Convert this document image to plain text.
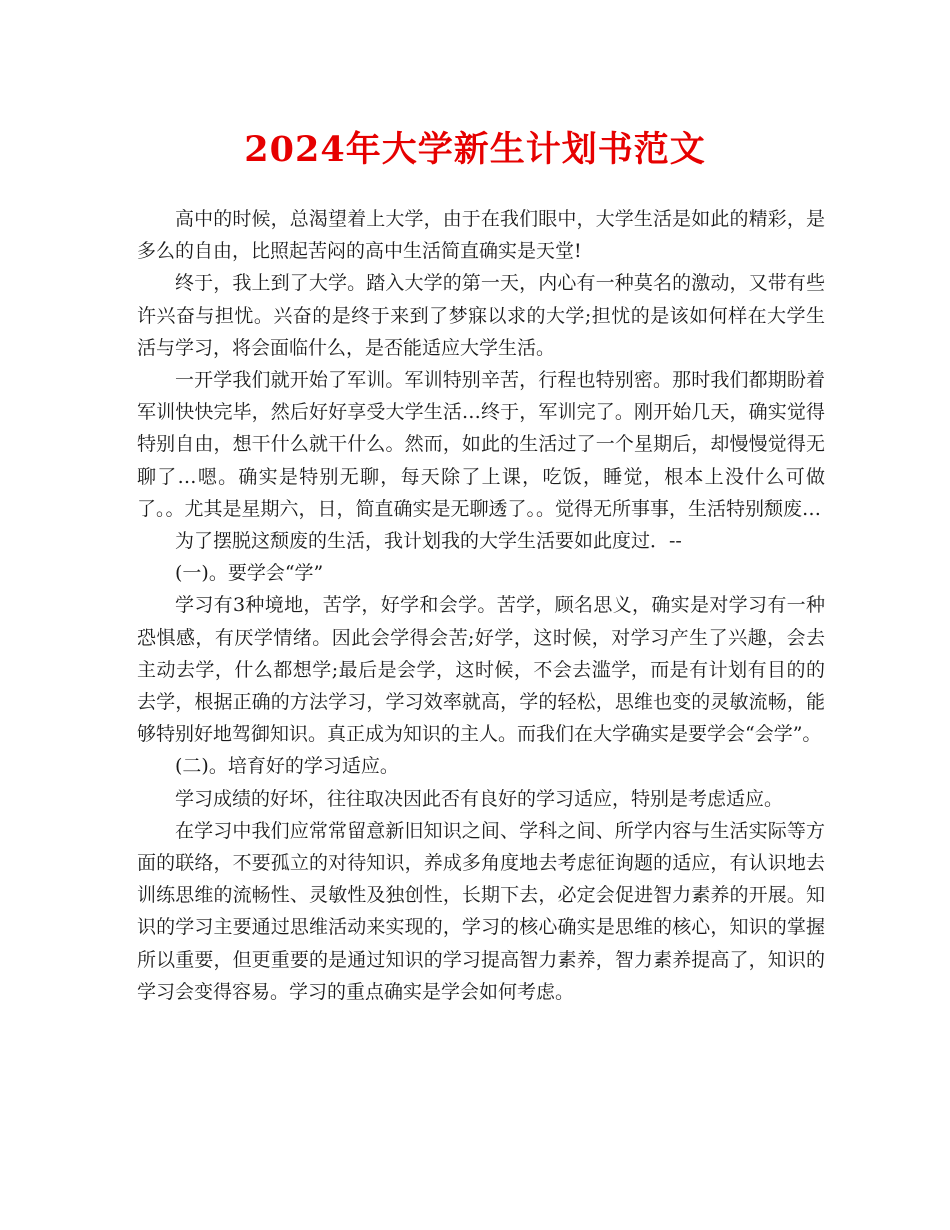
2024年大学新生计划书范文

高中的时候，总渴望着上大学，由于在我们眼中，大学生活是如此的精彩，是多么的自由，比照起苦闷的高中生活简直确实是天堂!

终于，我上到了大学。踏入大学的第一天，内心有一种莫名的激动，又带有些许兴奋与担忧。兴奋的是终于来到了梦寐以求的大学;担忧的是该如何样在大学生活与学习，将会面临什么，是否能适应大学生活。

一开学我们就开始了军训。军训特别辛苦，行程也特别密。那时我们都期盼着军训快快完毕，然后好好享受大学生活…终于，军训完了。刚开始几天，确实觉得特别自由，想干什么就干什么。然而，如此的生活过了一个星期后，却慢慢觉得无聊了…嗯。确实是特别无聊，每天除了上课，吃饭，睡觉，根本上没什么可做了。。尤其是星期六，日，简直确实是无聊透了。。觉得无所事事，生活特别颓废…

为了摆脱这颓废的生活，我计划我的大学生活要如此度过．--

(一)。要学会“学”

学习有3种境地，苦学，好学和会学。苦学，顾名思义，确实是对学习有一种恐惧感，有厌学情绪。因此会学得会苦;好学，这时候，对学习产生了兴趣，会去主动去学，什么都想学;最后是会学，这时候，不会去滥学，而是有计划有目的的去学，根据正确的方法学习，学习效率就高，学的轻松，思维也变的灵敏流畅，能够特别好地驾御知识。真正成为知识的主人。而我们在大学确实是要学会“会学”。

(二)。培育好的学习适应。

学习成绩的好坏，往往取决因此否有良好的学习适应，特别是考虑适应。

在学习中我们应常常留意新旧知识之间、学科之间、所学内容与生活实际等方面的联络，不要孤立的对待知识，养成多角度地去考虑征询题的适应，有认识地去训练思维的流畅性、灵敏性及独创性，长期下去，必定会促进智力素养的开展。知识的学习主要通过思维活动来实现的，学习的核心确实是思维的核心，知识的掌握所以重要，但更重要的是通过知识的学习提高智力素养，智力素养提高了，知识的学习会变得容易。学习的重点确实是学会如何考虑。
